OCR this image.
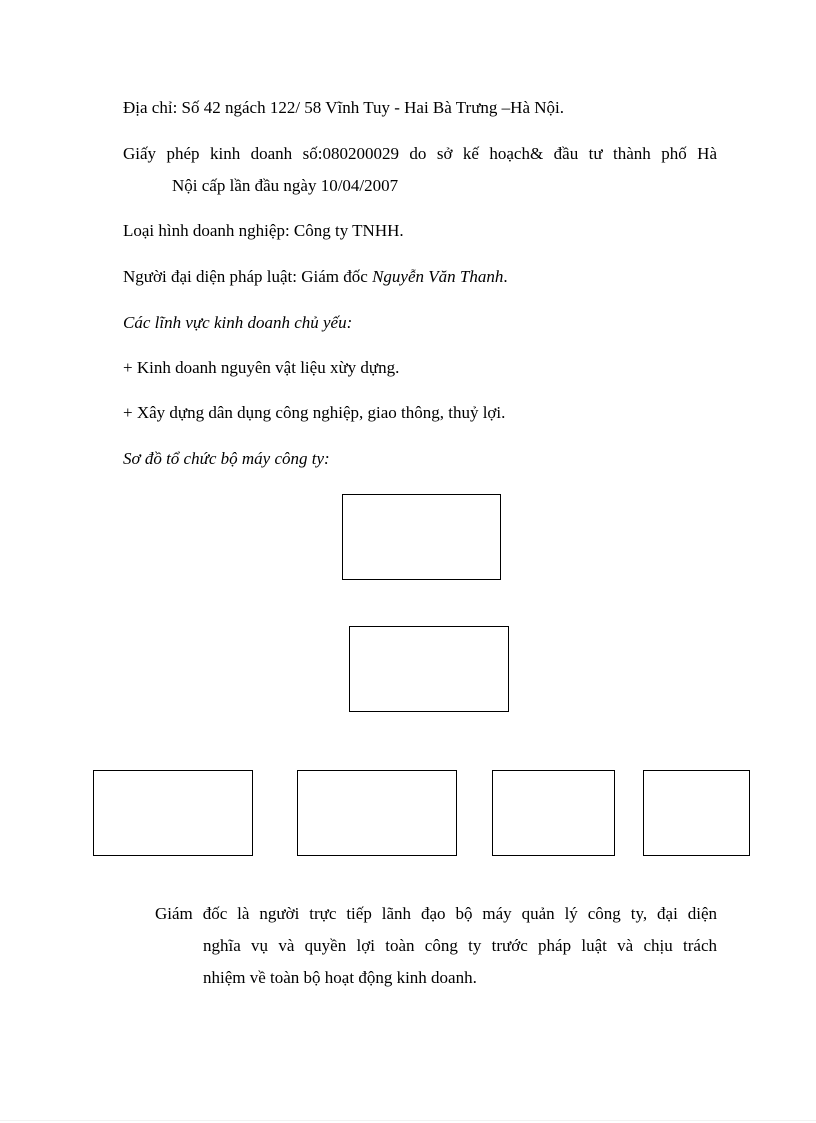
Địa chỉ: Số 42 ngách 122/ 58 Vĩnh Tuy - Hai Bà Trưng –Hà Nội.
Giấy phép kinh doanh số:080200029 do sở kế hoạch& đầu tư thành phố Hà
Nội cấp lần đầu ngày 10/04/2007
Loại hình doanh nghiệp: Công ty TNHH.
Người đại diện pháp luật: Giám đốc Nguyễn Văn Thanh.
Các lĩnh vực kinh doanh chủ yếu:
+ Kinh doanh nguyên vật liệu xừy dựng.
+ Xây dựng dân dụng công nghiệp, giao thông, thuỷ lợi.
Sơ đồ tổ chức bộ máy công ty:
Giám đốc là người trực tiếp lãnh đạo bộ máy quản lý công ty, đại diện
nghĩa vụ và quyền lợi toàn công ty trước pháp luật và chịu trách
nhiệm về toàn bộ hoạt động kinh doanh.
